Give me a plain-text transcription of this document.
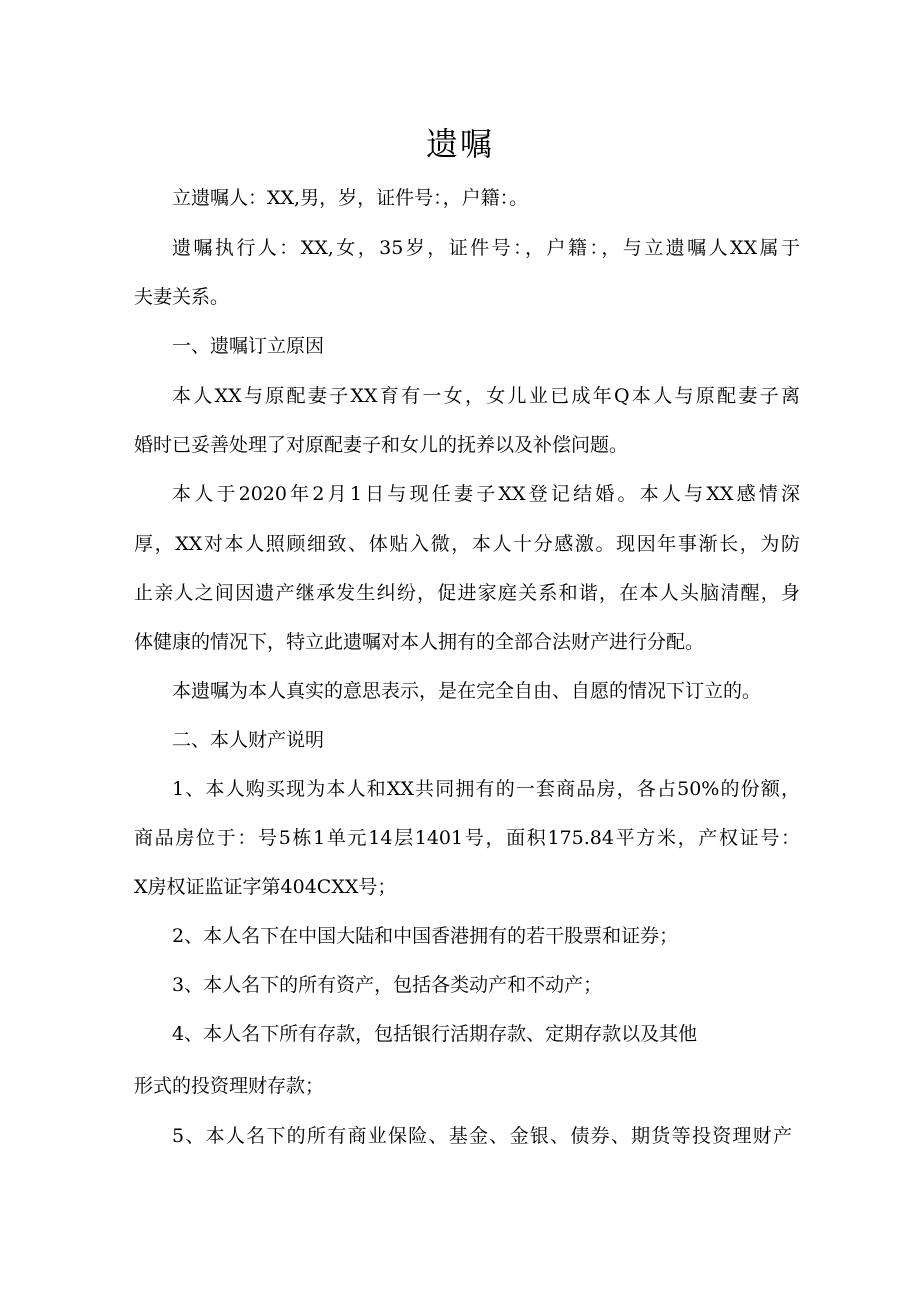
遗嘱
立遗嘱人：XX,男，岁，证件号：，户籍：。
遗嘱执行人：XX,女，35岁，证件号：，户籍：，与立遗嘱人XX属于
夫妻关系。
一、遗嘱订立原因
本人XX与原配妻子XX育有一女，女儿业已成年Q本人与原配妻子离
婚时已妥善处理了对原配妻子和女儿的抚养以及补偿问题。
本人于2020年2月1日与现任妻子XX登记结婚。本人与XX感情深
厚，XX对本人照顾细致、体贴入微，本人十分感激。现因年事渐长，为防
止亲人之间因遗产继承发生纠纷，促进家庭关系和谐，在本人头脑清醒，身
体健康的情况下，特立此遗嘱对本人拥有的全部合法财产进行分配。
本遗嘱为本人真实的意思表示，是在完全自由、自愿的情况下订立的。
二、本人财产说明
1、本人购买现为本人和XX共同拥有的一套商品房，各占50%的份额，
商品房位于：号5栋1单元14层1401号，面积175.84平方米，产权证号：
X房权证监证字第404CXX号；
2、本人名下在中国大陆和中国香港拥有的若干股票和证券；
3、本人名下的所有资产，包括各类动产和不动产；
4、本人名下所有存款，包括银行活期存款、定期存款以及其他
形式的投资理财存款；
5、本人名下的所有商业保险、基金、金银、债券、期货等投资理财产
